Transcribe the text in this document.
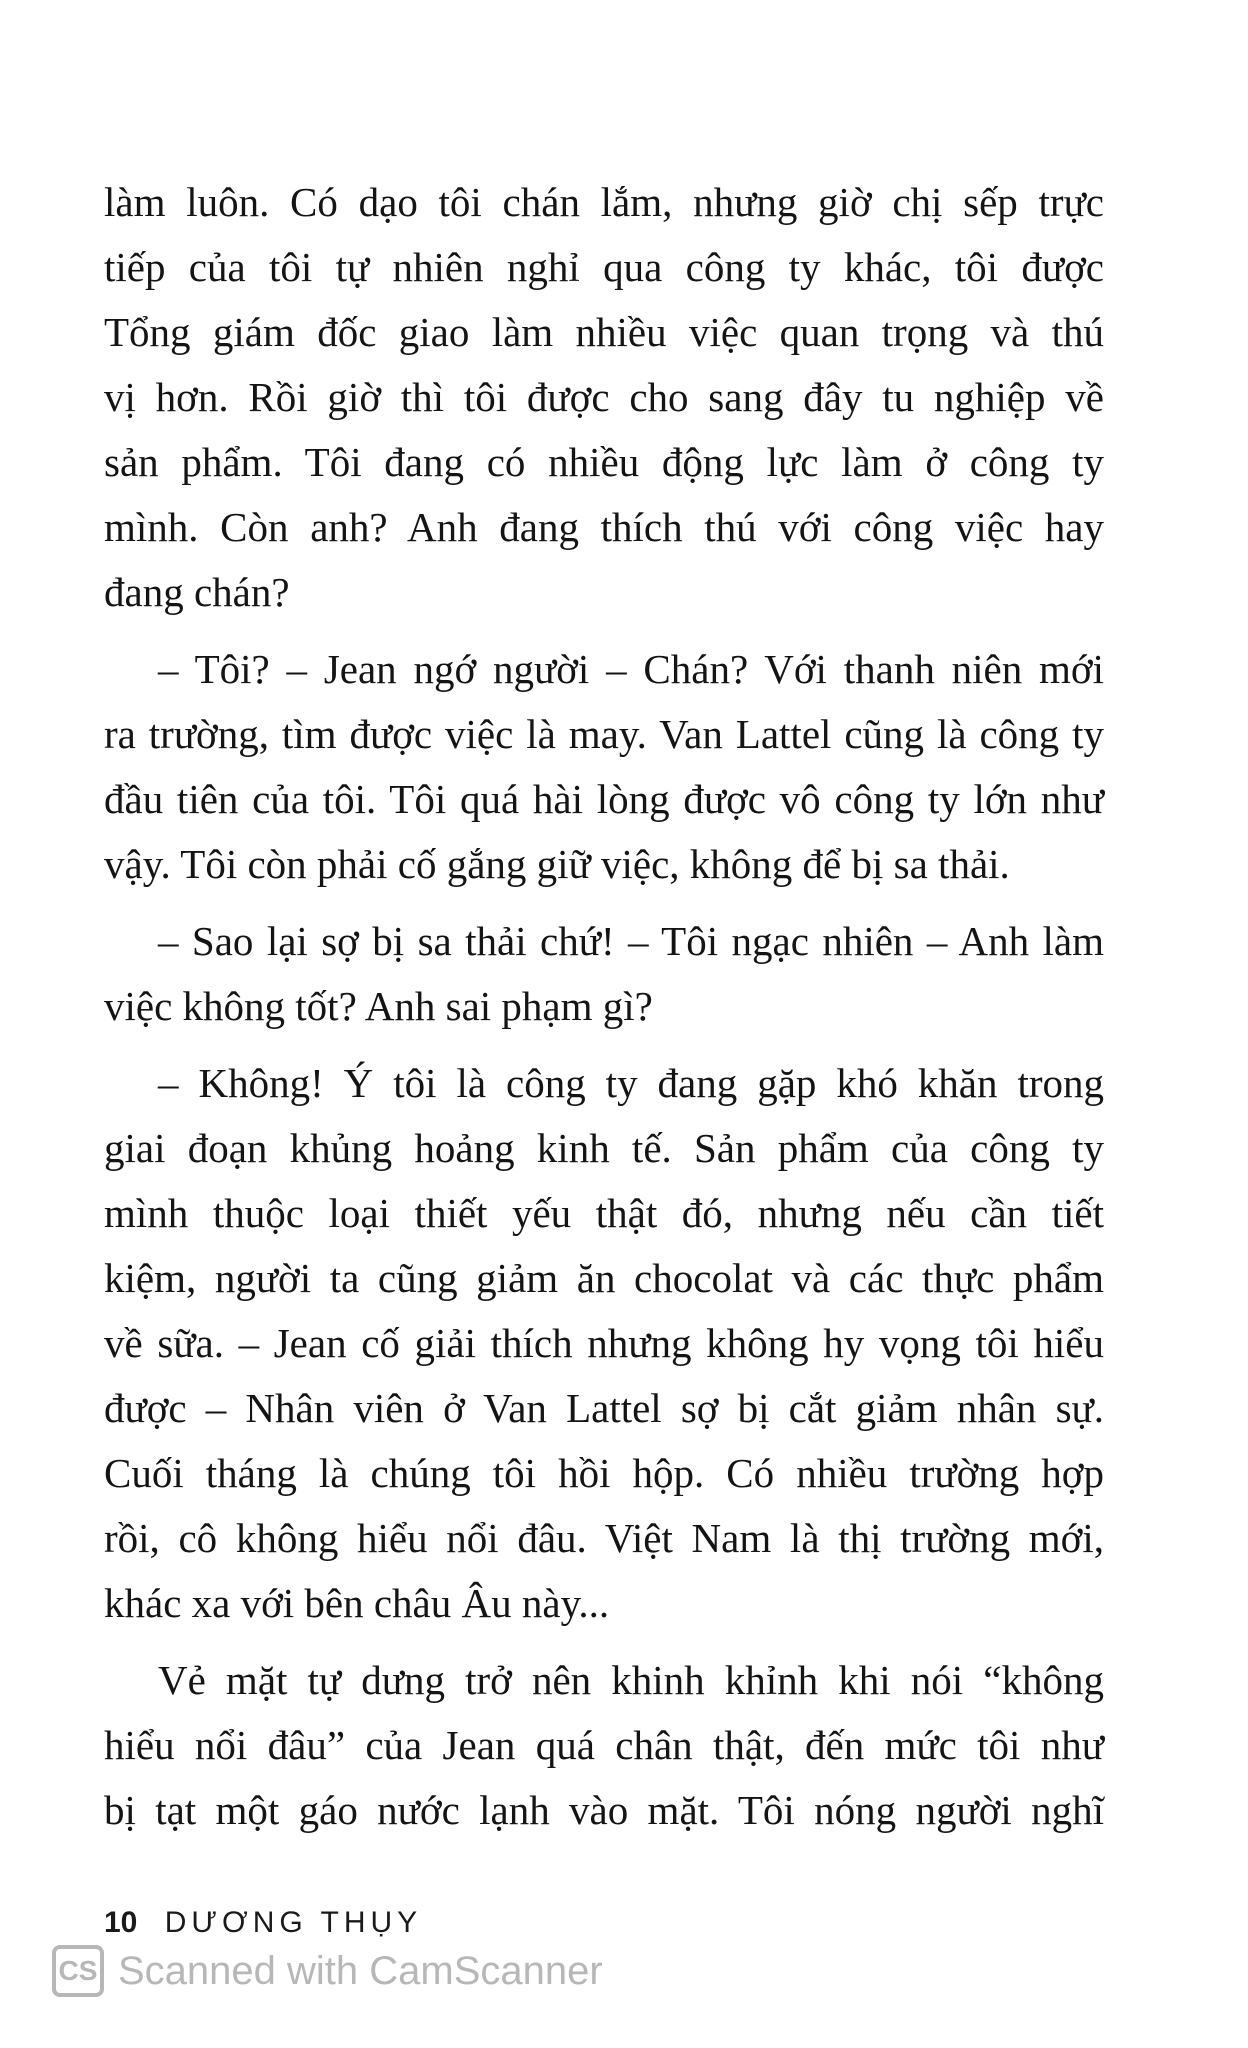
làm luôn. Có dạo tôi chán lắm, nhưng giờ chị sếp trực
tiếp của tôi tự nhiên nghỉ qua công ty khác, tôi được
Tổng giám đốc giao làm nhiều việc quan trọng và thú
vị hơn. Rồi giờ thì tôi được cho sang đây tu nghiệp về
sản phẩm. Tôi đang có nhiều động lực làm ở công ty
mình. Còn anh? Anh đang thích thú với công việc hay
đang chán?
– Tôi? – Jean ngớ người – Chán? Với thanh niên mới
ra trường, tìm được việc là may. Van Lattel cũng là công ty
đầu tiên của tôi. Tôi quá hài lòng được vô công ty lớn như
vậy. Tôi còn phải cố gắng giữ việc, không để bị sa thải.
– Sao lại sợ bị sa thải chứ! – Tôi ngạc nhiên – Anh làm
việc không tốt? Anh sai phạm gì?
– Không! Ý tôi là công ty đang gặp khó khăn trong
giai đoạn khủng hoảng kinh tế. Sản phẩm của công ty
mình thuộc loại thiết yếu thật đó, nhưng nếu cần tiết
kiệm, người ta cũng giảm ăn chocolat và các thực phẩm
về sữa. – Jean cố giải thích nhưng không hy vọng tôi hiểu
được – Nhân viên ở Van Lattel sợ bị cắt giảm nhân sự.
Cuối tháng là chúng tôi hồi hộp. Có nhiều trường hợp
rồi, cô không hiểu nổi đâu. Việt Nam là thị trường mới,
khác xa với bên châu Âu này...
Vẻ mặt tự dưng trở nên khinh khỉnh khi nói “không
hiểu nổi đâu” của Jean quá chân thật, đến mức tôi như
bị tạt một gáo nước lạnh vào mặt. Tôi nóng người nghĩ
10 DƯƠNG THỤY
CS Scanned with CamScanner
